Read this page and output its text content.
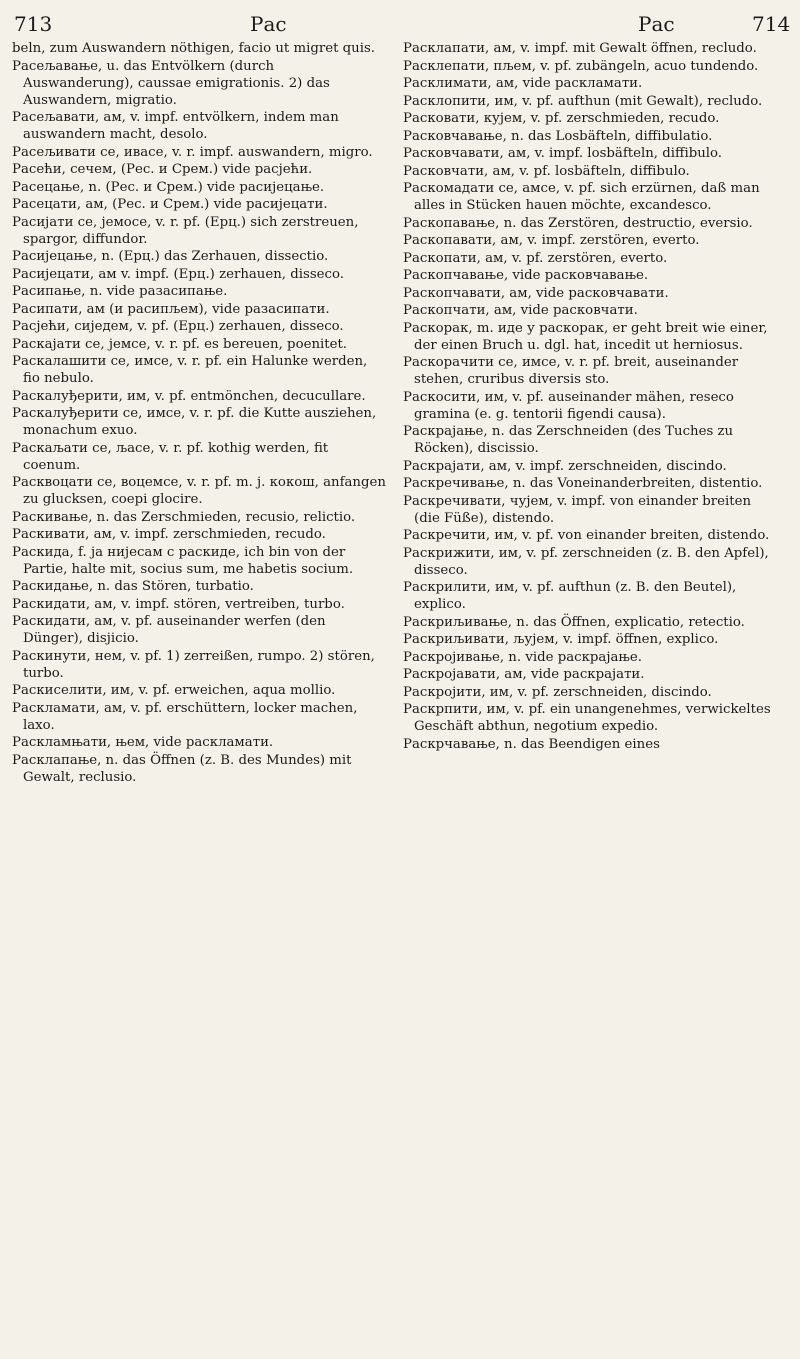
713	Рас	Рас	714

beln, zum Auswandern nöthigen, facio ut migret quis.

Расељавање, u. das Entvölkern (durch Auswanderung), caussae emigrationis. 2) das Auswandern, migratio.

Расељавати, ам, v. impf. entvölkern, indem man auswandern macht, desolo.

Расељивати се, ивасе, v. r. impf. auswandern, migro.

Расећи, сечем, (Рес. и Срем.) vide расјећи.

Расецање, n. (Рес. и Срем.) vide расијецање.

Расецати, ам, (Рес. и Срем.) vide расијецати.

Расијати се, јемосе, v. r. pf. (Ерц.) sich zerstreuen, spargor, diffundor.

Расијецање, n. (Ерц.) das Zerhauen, dissectio.

Расијецати, ам v. impf. (Ерц.) zerhauen, disseco.

Расипање, n. vide разасипање.

Расипати, ам (и расипљем), vide разасипати.

Расјећи, сиједем, v. pf. (Ерц.) zerhauen, disseco.

Раскајати се, јемсе, v. r. pf. es bereuen, poenitet.

Раскалашити се, имсе, v. r. pf. ein Halunke werden, fio nebulo.

Раскалуђерити, им, v. pf. entmönchen, decucullare.

Раскалуђерити се, имсе, v. r. pf. die Kutte ausziehen, monachum exuo.

Раскаљати се, љасе, v. r. pf. kothig werden, fit coenum.

Расквоцати се, воцемсе, v. r. pf. m. j. кокош, anfangen zu glucksen, coepi glocire.

Раскивање, n. das Zerschmieden, recusio, relictio.

Раскивати, ам, v. impf. zerschmieden, recudo.

Раскида, f. ја нијесам с раскиде, ich bin von der Partie, halte mit, socius sum, me habetis socium.

Раскидање, n. das Stören, turbatio.

Раскидати, ам, v. impf. stören, vertreiben, turbo.

Раскидати, ам, v. pf. auseinander werfen (den Dünger), disjicio.

Раскинути, нем, v. pf. 1) zerreißen, rumpo. 2) stören, turbo.

Раскиселити, им, v. pf. erweichen, aqua mollio.

Раскламати, ам, v. pf. erschüttern, locker machen, laxo.

Раскламњати, њем, vide раскламати.

Расклапање, n. das Öffnen (z. B. des Mundes) mit Gewalt, reclusio.

Расклапати, ам, v. impf. mit Gewalt öffnen, recludo.

Расклепати, пљем, v. pf. zubängeln, acuo tundendo.

Расклимати, ам, vide раскламати.

Расклопити, им, v. pf. aufthun (mit Gewalt), recludo.

Расковати, кујем, v. pf. zerschmieden, recudo.

Расковчавање, n. das Losbäfteln, diffibulatio.

Расковчавати, ам, v. impf. losbäfteln, diffibulo.

Расковчати, ам, v. pf. losbäfteln, diffibulo.

Раскомадати се, амсе, v. pf. sich erzürnen, daß man alles in Stücken hauen möchte, excandesco.

Раскопавање, n. das Zerstören, destructio, eversio.

Раскопавати, ам, v. impf. zerstören, everto.

Раскопати, ам, v. pf. zerstören, everto.

Раскопчавање, vide расковчавање.

Раскопчавати, ам, vide расковчавати.

Раскопчати, ам, vide расковчати.

Раскорак, m. иде у раскорак, er geht breit wie einer, der einen Bruch u. dgl. hat, incedit ut herniosus.

Раскорачити се, имсе, v. r. pf. breit, auseinander stehen, cruribus diversis sto.

Раскосити, им, v. pf. auseinander mähen, reseco gramina (e. g. tentorii figendi causa).

Раскрајање, n. das Zerschneiden (des Tuches zu Röcken), discissio.

Раскрајати, ам, v. impf. zerschneiden, discindo.

Раскречивање, n. das Voneinanderbreiten, distentio.

Раскречивати, чујем, v. impf. von einander breiten (die Füße), distendo.

Раскречити, им, v. pf. von einander breiten, distendo.

Раскрижити, им, v. pf. zerschneiden (z. B. den Apfel), disseco.

Раскрилити, им, v. pf. aufthun (z. B. den Beutel), explico.

Раскриљивање, n. das Öffnen, explicatio, retectio.

Раскриљивати, љујем, v. impf. öffnen, explico.

Раскројивање, n. vide раскрајање.

Раскројавати, ам, vide раскрајати.

Раскројити, им, v. pf. zerschneiden, discindo.

Раскрпити, им, v. pf. ein unangenehmes, verwickeltes Geschäft abthun, negotium expedio.

Раскрчавање, n. das Beendigen eines
